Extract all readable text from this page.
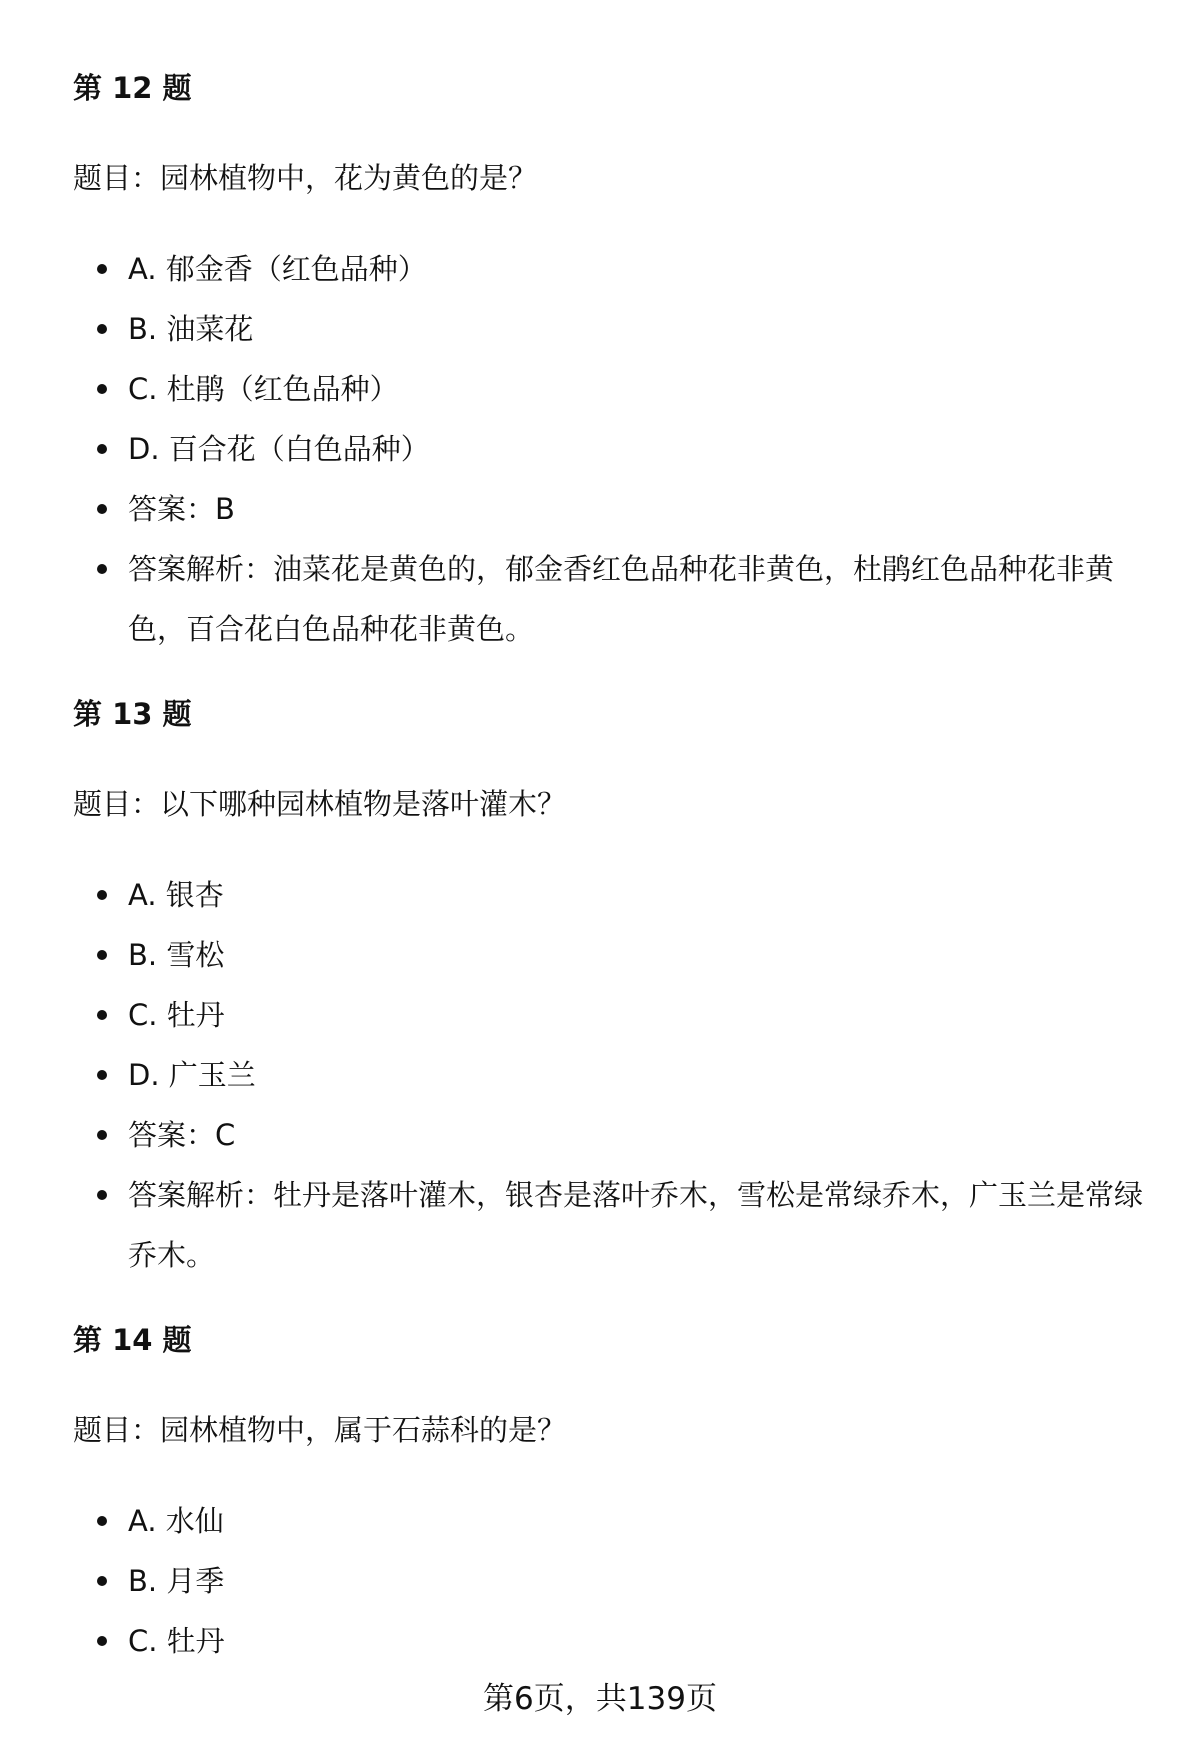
第 12 题

题目：园林植物中，花为黄色的是？

A. 郁金香（红色品种）
B. 油菜花
C. 杜鹃（红色品种）
D. 百合花（白色品种）
答案：B
答案解析：油菜花是黄色的，郁金香红色品种花非黄色，杜鹃红色品种花非黄色，百合花白色品种花非黄色。
第 13 题

题目：以下哪种园林植物是落叶灌木？

A. 银杏
B. 雪松
C. 牡丹
D. 广玉兰
答案：C
答案解析：牡丹是落叶灌木，银杏是落叶乔木，雪松是常绿乔木，广玉兰是常绿乔木。
第 14 题

题目：园林植物中，属于石蒜科的是？

A. 水仙
B. 月季
C. 牡丹
第6页，共139页
